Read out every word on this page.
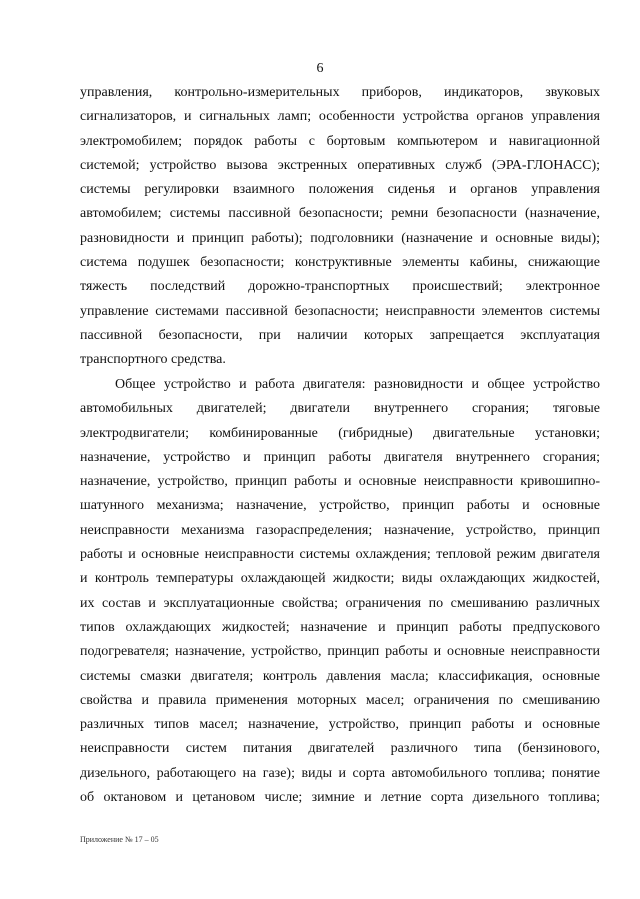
6
управления, контрольно-измерительных приборов, индикаторов, звуковых
сигнализаторов, и сигнальных ламп; особенности устройства органов управления
электромобилем; порядок работы с бортовым компьютером и навигационной
системой; устройство вызова экстренных оперативных служб (ЭРА-ГЛОНАСС);
системы регулировки взаимного положения сиденья и органов управления
автомобилем; системы пассивной безопасности; ремни безопасности (назначение,
разновидности и принцип работы); подголовники (назначение и основные виды);
система подушек безопасности; конструктивные элементы кабины, снижающие
тяжесть последствий дорожно-транспортных происшествий; электронное
управление системами пассивной безопасности; неисправности элементов системы
пассивной безопасности, при наличии которых запрещается эксплуатация
транспортного средства.
Общее устройство и работа двигателя: разновидности и общее устройство
автомобильных двигателей; двигатели внутреннего сгорания; тяговые
электродвигатели; комбинированные (гибридные) двигательные установки;
назначение, устройство и принцип работы двигателя внутреннего сгорания;
назначение, устройство, принцип работы и основные неисправности кривошипно-
шатунного механизма; назначение, устройство, принцип работы и основные
неисправности механизма газораспределения; назначение, устройство, принцип
работы и основные неисправности системы охлаждения; тепловой режим двигателя
и контроль температуры охлаждающей жидкости; виды охлаждающих жидкостей,
их состав и эксплуатационные свойства; ограничения по смешиванию различных
типов охлаждающих жидкостей; назначение и принцип работы предпускового
подогревателя; назначение, устройство, принцип работы и основные неисправности
системы смазки двигателя; контроль давления масла; классификация, основные
свойства и правила применения моторных масел; ограничения по смешиванию
различных типов масел; назначение, устройство, принцип работы и основные
неисправности систем питания двигателей различного типа (бензинового,
дизельного, работающего на газе); виды и сорта автомобильного топлива; понятие
об октановом и цетановом числе; зимние и летние сорта дизельного топлива;
Приложение № 17 – 05
